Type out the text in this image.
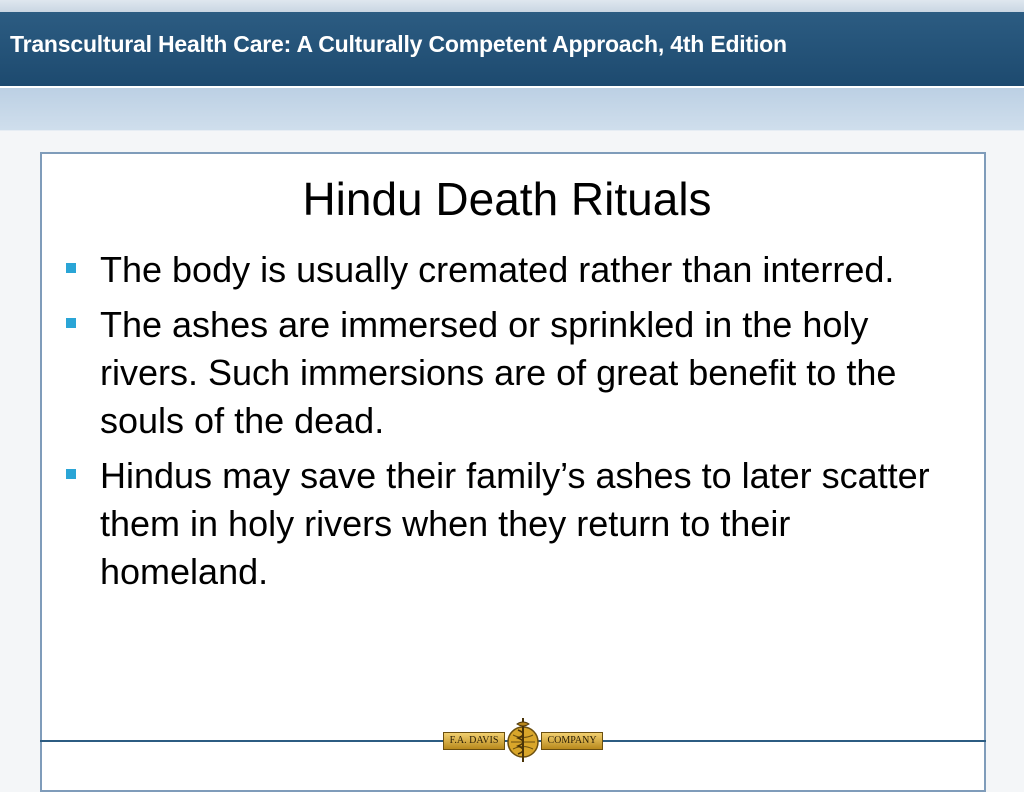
Transcultural Health Care: A Culturally Competent Approach, 4th Edition
Hindu Death Rituals
The body is usually cremated rather than interred.
The ashes are immersed or sprinkled in the holy rivers. Such immersions are of great benefit to the souls of the dead.
Hindus may save their family’s ashes to later scatter them in holy rivers when they return to their homeland.
F.A. DAVIS	COMPANY
